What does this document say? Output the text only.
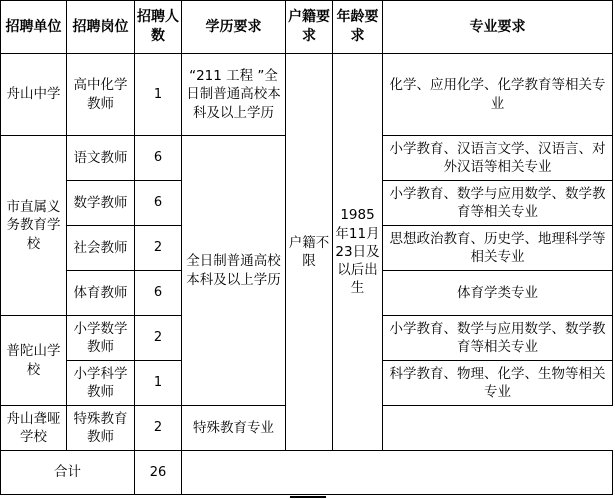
招聘单位	招聘岗位	招聘人数	学历要求	户籍要求	年龄要求	专业要求
舟山中学	高中化学教师	1	“211 工程 ”全日制普通高校本科及以上学历	户籍不限	1985年11月23日及以后出生	化学、应用化学、化学教育等相关专业
市直属义务教育学校	语文教师	6	全日制普通高校本科及以上学历			小学教育、汉语言文学、汉语言、对外汉语等相关专业
	数学教师	6				小学教育、数学与应用数学、数学教育等相关专业
	社会教师	2				思想政治教育、历史学、地理科学等相关专业
	体育教师	6				体育学类专业
普陀山学校	小学数学教师	2				小学教育、数学与应用数学、数学教育等相关专业
	小学科学教师	1				科学教育、物理、化学、生物等相关专业
舟山聋哑学校	特殊教育教师	2	特殊教育专业			
合计		26				
